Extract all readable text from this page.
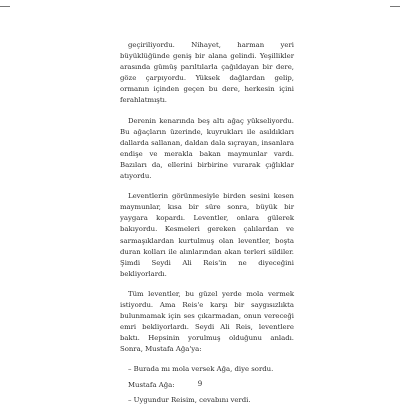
geçiriliyordu. Nihayet, harman yeri büyüklüğünde geniş bir alana gelindi. Yeşillikler arasında gümüş parıltılarla çağıldayan bir dere, göze çarpıyordu. Yüksek dağlardan gelip, ormanın içinden geçen bu dere, herkesin içini ferahlatmıştı.

Derenin kenarında beş altı ağaç yükseliyordu. Bu ağaçların üzerinde, kuyrukları ile asıldıkları dallarda sallanan, daldan dala sıçrayan, insanlara endişe ve merakla bakan maymunlar vardı. Bazıları da, ellerini birbirine vurarak çığlıklar atıyordu.

Leventlerin görünmesiyle birden sesini kesen maymunlar, kısa bir süre sonra, büyük bir yaygara kopardı. Leventler, onlara gülerek bakıyordu. Kesmeleri gereken çalılardan ve sarmaşıklardan kurtulmuş olan leventler, boşta duran kolları ile alınlarından akan terleri sildiler. Şimdi Seydi Ali Reis'in ne diyeceğini bekliyorlardı.

Tüm leventler, bu güzel yerde mola vermek istiyordu. Ama Reis'e karşı bir saygısızlıkta bulunmamak için ses çıkarmadan, onun vereceği emri bekliyorlardı. Seydi Ali Reis, leventlere baktı. Hepsinin yorulmuş olduğunu anladı. Sonra, Mustafa Ağa'ya:

– Burada mı mola versek Ağa, diye sordu.

Mustafa Ağa:

– Uygundur Reisim, cevabını verdi.

9
